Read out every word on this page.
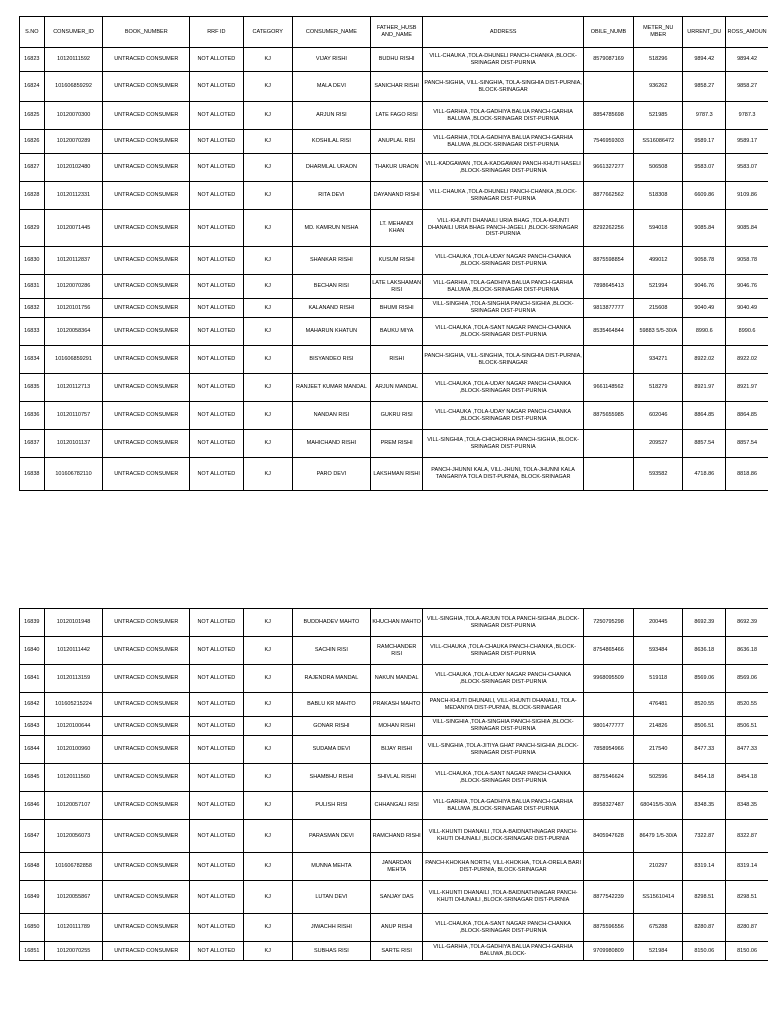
S.NO	CONSUMER_ID	BOOK_NUMBER	RRF ID	CATEGORY	CONSUMER_NAME	FATHER_HUSB AND_NAME	ADDRESS	OBILE_NUMB	METER_NU MBER	URRENT_DU	ROSS_AMOUN
16823	10120111592	UNTRACED CONSUMER	NOT ALLOTED	KJ	VIJAY RISHI	BUDHU RISHI	VILL-CHAUKA ,TOLA-DHUNELI PANCH-CHANKA ,BLOCK-SRINAGAR DIST-PURNIA	8579087169	518296	9894.42	9894.42
16824	101606859292	UNTRACED CONSUMER	NOT ALLOTED	KJ	MALA DEVI	SANICHAR RISHI	PANCH-SIGHIA, VILL-SINGHIA, TOLA-SINGHIA DIST-PURNIA, BLOCK-SRINAGAR		936262	9858.27	9858.27
16825	10120070300	UNTRACED CONSUMER	NOT ALLOTED	KJ	ARJUN RISI	LATE FAGO RISI	VILL-GARHIA ,TOLA-GADHIYA BALUA PANCH-GARHIA BALUWA ,BLOCK-SRINAGAR DIST-PURNIA	8854785698	521985	9787.3	9787.3
16826	10120070289	UNTRACED CONSUMER	NOT ALLOTED	KJ	KOSHILAL RISI	ANUPLAL RISI	VILL-GARHIA ,TOLA-GADHIYA BALUA PANCH-GARHIA BALUWA ,BLOCK-SRINAGAR DIST-PURNIA	7546959303	SS16086472	9589.17	9589.17
16827	10120102480	UNTRACED CONSUMER	NOT ALLOTED	KJ	DHARMLAL URAON	THAKUR URAON	VILL-KADGAWAN ,TOLA-KADGAWAN PANCH-KHUTI HASELI ,BLOCK-SRINAGAR DIST-PURNIA	9661327277	506508	9583.07	9583.07
16828	10120112331	UNTRACED CONSUMER	NOT ALLOTED	KJ	RITA DEVI	DAYANAND RISHI	VILL-CHAUKA ,TOLA-DHUNELI PANCH-CHANKA ,BLOCK-SRINAGAR DIST-PURNIA	8877662562	518308	6609.86	9109.86
16829	10120071445	UNTRACED CONSUMER	NOT ALLOTED	KJ	MD. KAMRUN NISHA	LT. MEHANDI KHAN	VILL-KHUNTI DHANAILI URIA BHAG ,TOLA-KHUNTI DHANAILI URIA BHAG PANCH-JAGELI ,BLOCK-SRINAGAR DIST-PURNIA	8292262256	594018	9085.84	9085.84
16830	10120112837	UNTRACED CONSUMER	NOT ALLOTED	KJ	SHANKAR RISHI	KUSUM RISHI	VILL-CHAUKA ,TOLA-UDAY NAGAR PANCH-CHANKA ,BLOCK-SRINAGAR DIST-PURNIA	8875598854	499012	9058.78	9058.78
16831	10120070286	UNTRACED CONSUMER	NOT ALLOTED	KJ	BECHAN RISI	LATE LAKSHAMAN RISI	VILL-GARHIA ,TOLA-GADHIYA BALUA PANCH-GARHIA BALUWA ,BLOCK-SRINAGAR DIST-PURNIA	7898645413	521994	9046.76	9046.76
16832	10120101756	UNTRACED CONSUMER	NOT ALLOTED	KJ	KALANAND RISHI	BHUMI RISHI	VILL-SINGHIA ,TOLA-SINGHIA PANCH-SIGHIA ,BLOCK-SRINAGAR DIST-PURNIA	9813877777	215608	9040.49	9040.49
16833	10120058364	UNTRACED CONSUMER	NOT ALLOTED	KJ	MAHARUN KHATUN	BAUKU MIYA	VILL-CHAUKA ,TOLA-SANT NAGAR PANCH-CHANKA ,BLOCK-SRINAGAR DIST-PURNIA	8535464844	59883 5/5-30/A	8990.6	8990.6
16834	101606859291	UNTRACED CONSUMER	NOT ALLOTED	KJ	BISYANDEO RISI	RISHI	PANCH-SIGHIA, VILL-SINGHIA, TOLA-SINGHIA DIST-PURNIA, BLOCK-SRINAGAR		934271	8922.02	8922.02
16835	10120112713	UNTRACED CONSUMER	NOT ALLOTED	KJ	RANJEET KUMAR MANDAL	ARJUN MANDAL	VILL-CHAUKA ,TOLA-UDAY NAGAR PANCH-CHANKA ,BLOCK-SRINAGAR DIST-PURNIA	9661148562	518279	8921.97	8921.97
16836	10120110757	UNTRACED CONSUMER	NOT ALLOTED	KJ	NANDAN RISI	GUKRU RISI	VILL-CHAUKA ,TOLA-UDAY NAGAR PANCH-CHANKA ,BLOCK-SRINAGAR DIST-PURNIA	8875655985	602046	8864.85	8864.85
16837	10120101137	UNTRACED CONSUMER	NOT ALLOTED	KJ	MAHICHAND RISHI	PREM RISHI	VILL-SINGHIA ,TOLA-CHICHORHA PANCH-SIGHIA ,BLOCK-SRINAGAR DIST-PURNIA		209527	8857.54	8857.54
16838	101606782110	UNTRACED CONSUMER	NOT ALLOTED	KJ	PARO DEVI	LAKSHMAN RISHI	PANCH-JHUNNI KALA, VILL-JHUNI, TOLA-JHUNNI KALA TANGARIYA TOLA DIST-PURNIA, BLOCK-SRINAGAR		593582	4718.86	8818.86
16839	10120101948	UNTRACED CONSUMER	NOT ALLOTED	KJ	BUDDHADEV MAHTO	KHUCHAN MAHTO	VILL-SINGHIA ,TOLA-ARJUN TOLA PANCH-SIGHIA ,BLOCK-SRINAGAR DIST-PURNIA	7250795298	200445	8692.39	8692.39
16840	10120111442	UNTRACED CONSUMER	NOT ALLOTED	KJ	SACHIN RISI	RAMCHANDER RISI	VILL-CHAUKA ,TOLA-CHAUKA PANCH-CHANKA ,BLOCK-SRINAGAR DIST-PURNIA	8754865466	593484	8636.18	8636.18
16841	10120113159	UNTRACED CONSUMER	NOT ALLOTED	KJ	RAJENDRA MANDAL	NAKUN MANDAL	VILL-CHAUKA ,TOLA-UDAY NAGAR PANCH-CHANKA ,BLOCK-SRINAGAR DIST-PURNIA	9968095509	519118	8569.06	8569.06
16842	101605215224	UNTRACED CONSUMER	NOT ALLOTED	KJ	BABLU KR MAHTO	PRAKASH MAHTO	PANCH-KHUTI DHUNAILI, VILL-KHUNTI DHANAILI, TOLA-MEDANIYA DIST-PURNIA, BLOCK-SRINAGAR		476481	8520.55	8520.55
16843	10120100644	UNTRACED CONSUMER	NOT ALLOTED	KJ	GONAR RISHI	MOHAN RISHI	VILL-SINGHIA ,TOLA-SINGHIA PANCH-SIGHIA ,BLOCK-SRINAGAR DIST-PURNIA	9801477777	214826	8506.51	8506.51
16844	10120100960	UNTRACED CONSUMER	NOT ALLOTED	KJ	SUDAMA DEVI	BIJAY RISHI	VILL-SINGHIA ,TOLA-JITIYA GHAT PANCH-SIGHIA ,BLOCK-SRINAGAR DIST-PURNIA	7858954966	217540	8477.33	8477.33
16845	10120111560	UNTRACED CONSUMER	NOT ALLOTED	KJ	SHAMBHU RISHI	SHIVLAL RISHI	VILL-CHAUKA ,TOLA-SANT NAGAR PANCH-CHANKA ,BLOCK-SRINAGAR DIST-PURNIA	8875546624	502596	8454.18	8454.18
16846	10120057107	UNTRACED CONSUMER	NOT ALLOTED	KJ	PULISH RISI	CHHANGALI RISI	VILL-GARHIA ,TOLA-GADHIYA BALUA PANCH-GARHIA BALUWA ,BLOCK-SRINAGAR DIST-PURNIA	8958327487	680415/5-30/A	8348.35	8348.35
16847	10120056073	UNTRACED CONSUMER	NOT ALLOTED	KJ	PARASMAN DEVI	RAMCHAND RISHI	VILL-KHUNTI DHANAILI ,TOLA-BAIDNATHNAGAR PANCH-KHUTI DHUNAILI ,BLOCK-SRINAGAR DIST-PURNIA	8405947628	86479 1/5-30/A	7322.87	8322.87
16848	101606782858	UNTRACED CONSUMER	NOT ALLOTED	KJ	MUNNA MEHTA	JANARDAN MEHTA	PANCH-KHOKHA NORTH, VILL-KHOKHA, TOLA-ORELA BARI DIST-PURNIA, BLOCK-SRINAGAR		210297	8319.14	8319.14
16849	10120055867	UNTRACED CONSUMER	NOT ALLOTED	KJ	LUTAN DEVI	SANJAY DAS	VILL-KHUNTI DHANAILI ,TOLA-BAIDNATHNAGAR PANCH-KHUTI DHUNAILI ,BLOCK-SRINAGAR DIST-PURNIA	8877542239	SS15610414	8298.51	8298.51
16850	10120111789	UNTRACED CONSUMER	NOT ALLOTED	KJ	JIWACHH RISHI	ANUP RISHI	VILL-CHAUKA ,TOLA-SANT NAGAR PANCH-CHANKA ,BLOCK-SRINAGAR DIST-PURNIA	8875596556	675288	8280.87	8280.87
16851	10120070255	UNTRACED CONSUMER	NOT ALLOTED	KJ	SUBHAS RISI	SARTE RISI	VILL-GARHIA ,TOLA-GADHIYA BALUA PANCH-GARHIA BALUWA ,BLOCK-	9709980809	521984	8150.06	8150.06
